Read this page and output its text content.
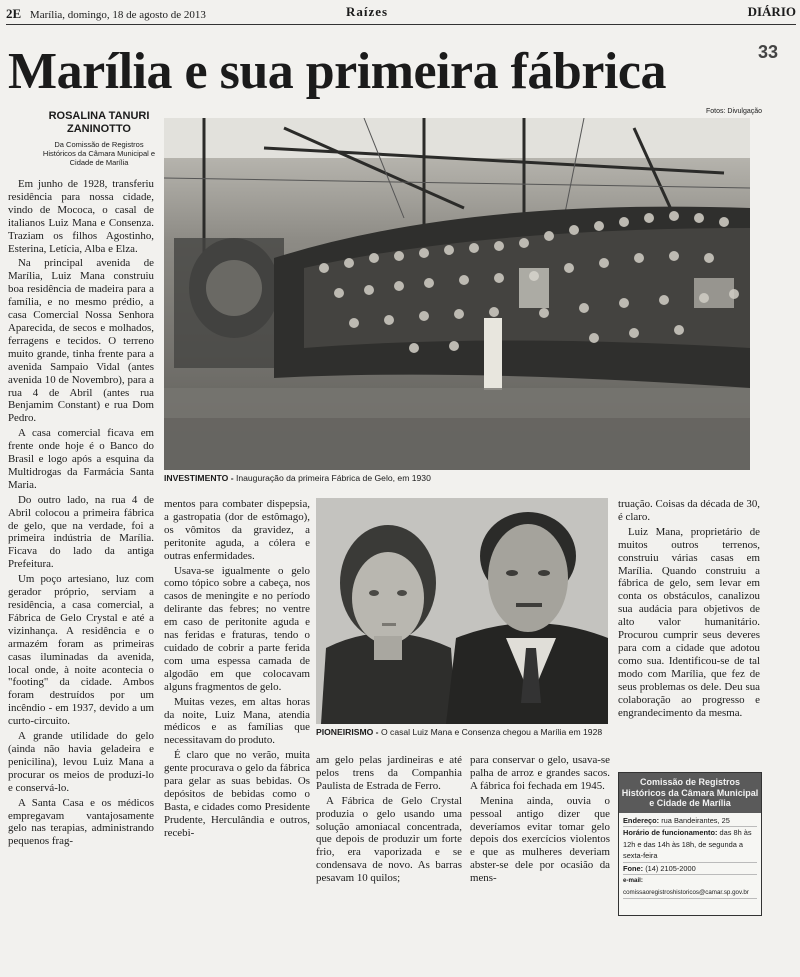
2E Marília, domingo, 18 de agosto de 2013	Raízes	DIÁRIO
33
Marília e sua primeira fábrica
ROSALINA TANURI ZANINOTTO
Da Comissão de Registros Históricos da Câmara Municipal e Cidade de Marília
Fotos: Divulgação
INVESTIMENTO - Inauguração da primeira Fábrica de Gelo, em 1930
PIONEIRISMO - O casal Luiz Mana e Consenza chegou a Marília em 1928

Em junho de 1928, transferiu residência para nossa cidade, vindo de Mococa, o casal de italianos Luiz Mana e Consenza. Traziam os filhos Agostinho, Esterina, Letícia, Alba e Elza.

Na principal avenida de Marília, Luiz Mana construiu boa residência de madeira para a família, e no mesmo prédio, a casa Comercial Nossa Senhora Aparecida, de secos e molhados, ferragens e tecidos. O terreno muito grande, tinha frente para a avenida Sampaio Vidal (antes avenida 10 de Novembro), para a rua 4 de Abril (antes rua Benjamim Constant) e rua Dom Pedro.

A casa comercial ficava em frente onde hoje é o Banco do Brasil e logo após a esquina da Multidrogas da Farmácia Santa Maria.

Do outro lado, na rua 4 de Abril colocou a primeira fábrica de gelo, que na verdade, foi a primeira indústria de Marília. Ficava do lado da antiga Prefeitura.

Um poço artesiano, luz com gerador próprio, serviam a residência, a casa comercial, a Fábrica de Gelo Crystal e até a vizinhança. A residência e o armazém foram as primeiras casas iluminadas da avenida, local onde, à noite acontecia o "footing" da cidade. Ambos foram destruídos por um incêndio - em 1937, devido a um curto-circuito.

A grande utilidade do gelo (ainda não havia geladeira e penicilina), levou Luiz Mana a procurar os meios de produzi-lo e conservá-lo.

A Santa Casa e os médicos empregavam vantajosamente gelo nas terapias, administrando pequenos frag-

mentos para combater dispepsia, a gastropatia (dor de estômago), os vômitos da gravidez, a peritonite aguda, a cólera e outras enfermidades.

Usava-se igualmente o gelo como tópico sobre a cabeça, nos casos de meningite e no período delirante das febres; no ventre em caso de peritonite aguda e nas feridas e fraturas, tendo o cuidado de cobrir a parte ferida com uma espessa camada de algodão em que colocavam alguns fragmentos de gelo.

Muitas vezes, em altas horas da noite, Luiz Mana, atendia médicos e as famílias que necessitavam do produto.

É claro que no verão, muita gente procurava o gelo da fábrica para gelar as suas bebidas. Os depósitos de bebidas como o Basta, e cidades como Presidente Prudente, Herculândia e outros, recebi-

am gelo pelas jardineiras e até pelos trens da Companhia Paulista de Estrada de Ferro.

A Fábrica de Gelo Crystal produzia o gelo usando uma solução amoniacal concentrada, que depois de produzir um forte frio, era vaporizada e se condensava de novo. As barras pesavam 10 quilos;

para conservar o gelo, usava-se palha de arroz e grandes sacos. A fábrica foi fechada em 1945.

Menina ainda, ouvia o pessoal antigo dizer que deveríamos evitar tomar gelo depois dos exercícios violentos e que as mulheres deveriam abster-se dele por ocasião da mens-

truação. Coisas da década de 30, é claro.

Luiz Mana, proprietário de muitos outros terrenos, construiu várias casas em Marília. Quando construiu a fábrica de gelo, sem levar em conta os obstáculos, canalizou sua audácia para objetivos de alto valor humanitário. Procurou cumprir seus deveres para com a cidade que adotou como sua. Identificou-se de tal modo com Marília, que fez de seus problemas os dele. Deu sua colaboração ao progresso e engrandecimento da mesma.

Comissão de Registros Históricos da Câmara Municipal e Cidade de Marília
Endereço: rua Bandeirantes, 25
Horário de funcionamento: das 8h às 12h e das 14h às 18h, de segunda a sexta-feira
Fone: (14) 2105-2000
e-mail: comissaoregistroshistoricos@camar.sp.gov.br
